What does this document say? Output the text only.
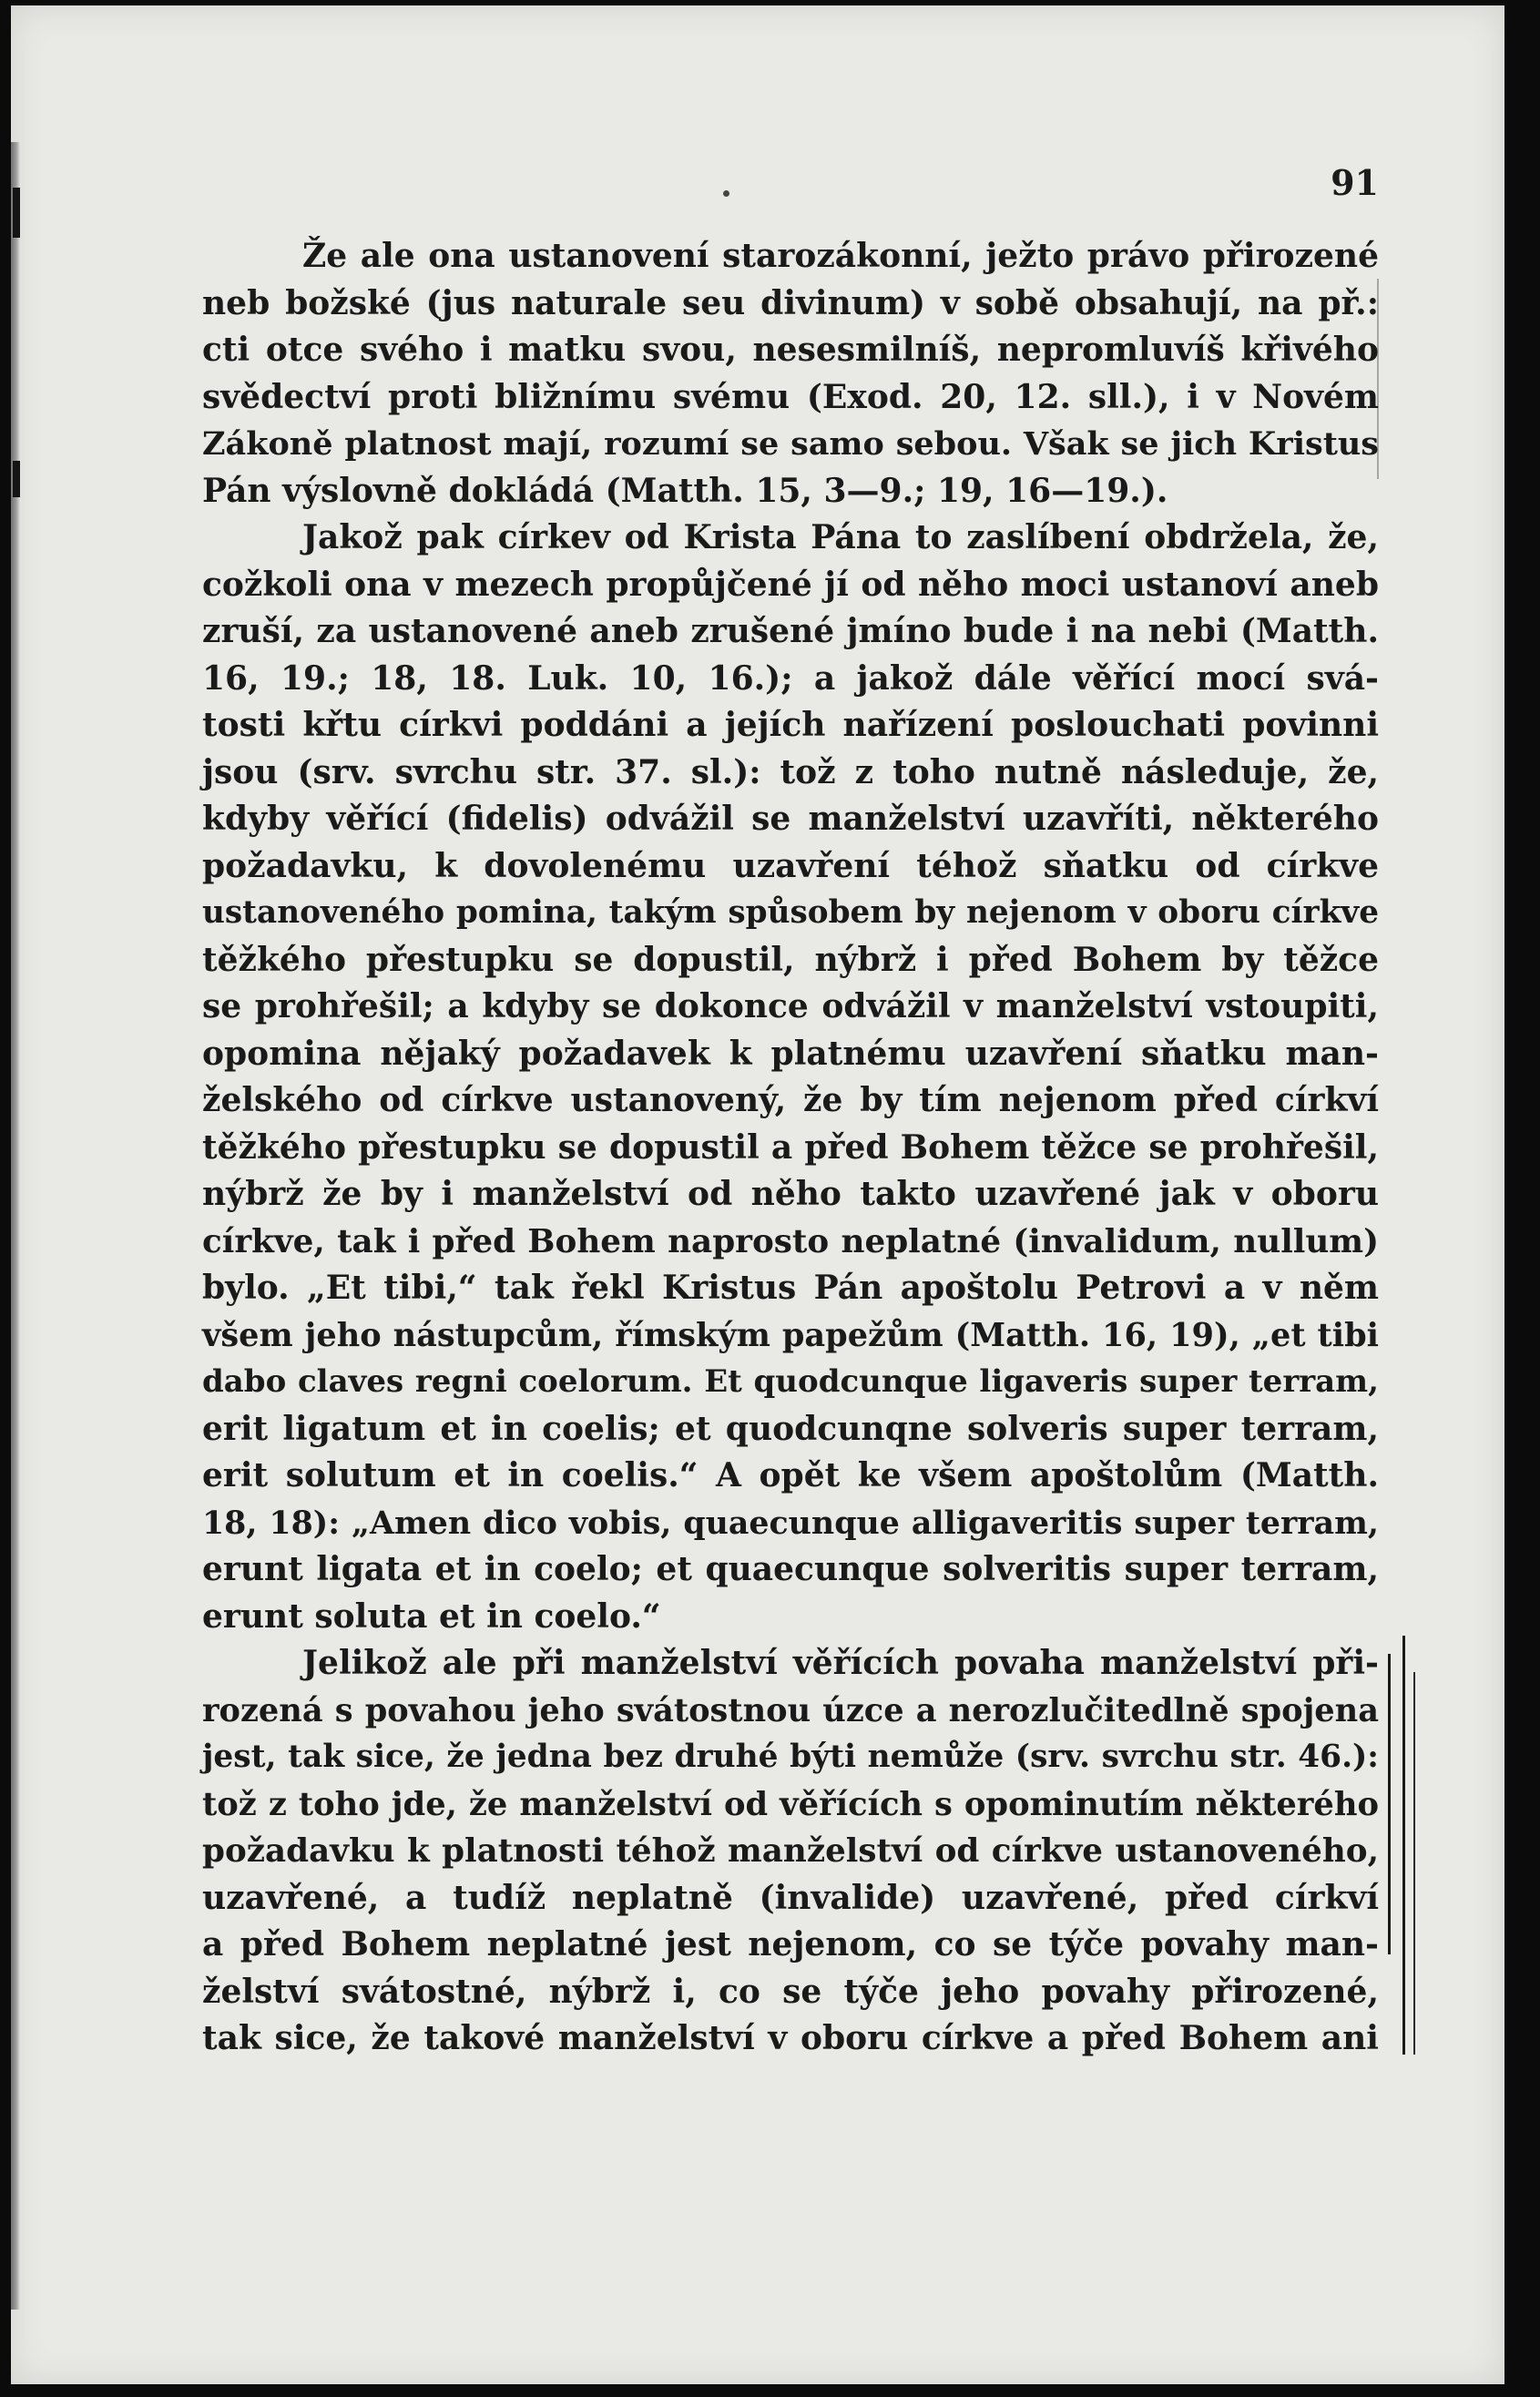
91
Že ale ona ustanovení starozákonní, ježto právo přirozené
neb božské (jus naturale seu divinum) v sobě obsahují, na př.:
cti otce svého i matku svou, nesesmilníš, nepromluvíš křivého
svědectví proti bližnímu svému (Exod. 20, 12. sll.), i v Novém
Zákoně platnost mají, rozumí se samo sebou. Však se jich Kristus
Pán výslovně dokládá (Matth. 15, 3—9.; 19, 16—19.).
Jakož pak církev od Krista Pána to zaslíbení obdržela, že,
cožkoli ona v mezech propůjčené jí od něho moci ustanoví aneb
zruší, za ustanovené aneb zrušené jmíno bude i na nebi (Matth.
16, 19.; 18, 18. Luk. 10, 16.); a jakož dále věřící mocí svá-
tosti křtu církvi poddáni a jejích nařízení poslouchati povinni
jsou (srv. svrchu str. 37. sl.): tož z toho nutně následuje, že,
kdyby věřící (fidelis) odvážil se manželství uzavříti, některého
požadavku, k dovolenému uzavření téhož sňatku od církve
ustanoveného pomina, takým spůsobem by nejenom v oboru církve
těžkého přestupku se dopustil, nýbrž i před Bohem by těžce
se prohřešil; a kdyby se dokonce odvážil v manželství vstoupiti,
opomina nějaký požadavek k platnému uzavření sňatku man-
želského od církve ustanovený, že by tím nejenom před církví
těžkého přestupku se dopustil a před Bohem těžce se prohřešil,
nýbrž že by i manželství od něho takto uzavřené jak v oboru
církve, tak i před Bohem naprosto neplatné (invalidum, nullum)
bylo. „Et tibi,“ tak řekl Kristus Pán apoštolu Petrovi a v něm
všem jeho nástupcům, římským papežům (Matth. 16, 19), „et tibi
dabo claves regni coelorum. Et quodcunque ligaveris super terram,
erit ligatum et in coelis; et quodcunqne solveris super terram,
erit solutum et in coelis.“ A opět ke všem apoštolům (Matth.
18, 18): „Amen dico vobis, quaecunque alligaveritis super terram,
erunt ligata et in coelo; et quaecunque solveritis super terram,
erunt soluta et in coelo.“
Jelikož ale při manželství věřících povaha manželství při-
rozená s povahou jeho svátostnou úzce a nerozlučitedlně spojena
jest, tak sice, že jedna bez druhé býti nemůže (srv. svrchu str. 46.):
tož z toho jde, že manželství od věřících s opominutím některého
požadavku k platnosti téhož manželství od církve ustanoveného,
uzavřené, a tudíž neplatně (invalide) uzavřené, před církví
a před Bohem neplatné jest nejenom, co se týče povahy man-
želství svátostné, nýbrž i, co se týče jeho povahy přirozené,
tak sice, že takové manželství v oboru církve a před Bohem ani
